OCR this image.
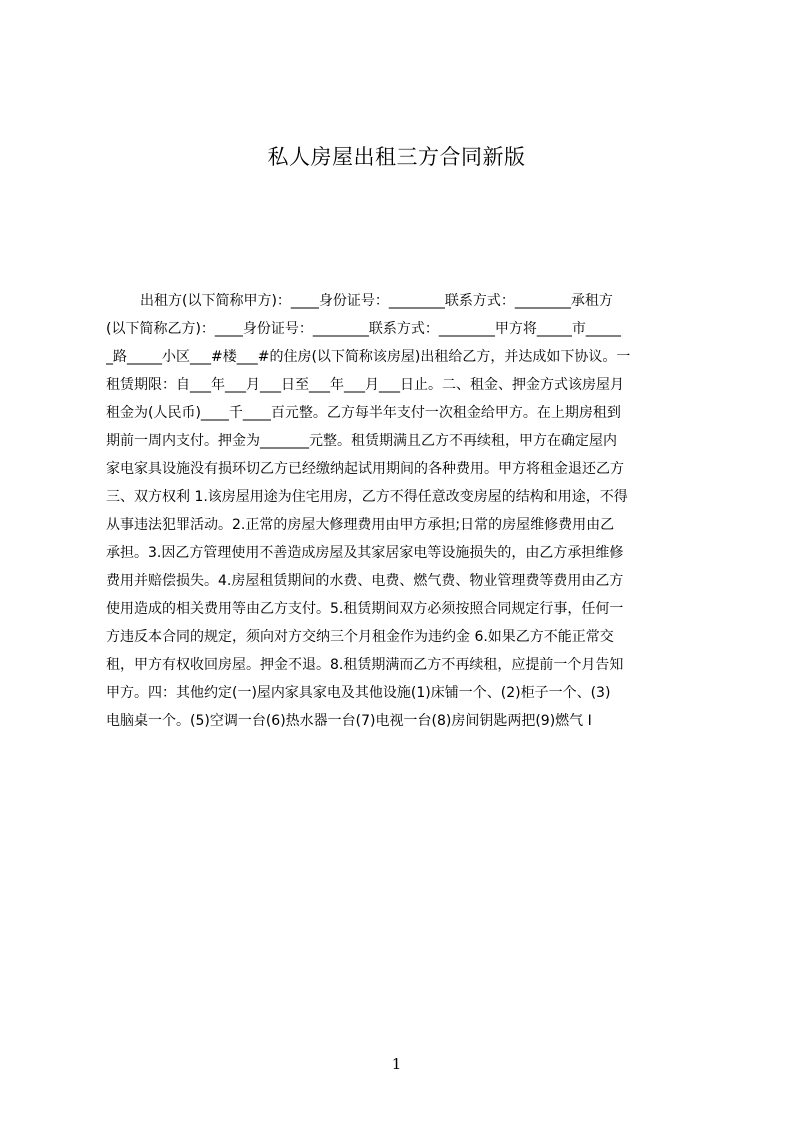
私人房屋出租三方合同新版
出租方(以下简称甲方)：____身份证号：________联系方式：________承租方
(以下简称乙方)：____身份证号：________联系方式：________甲方将_____市_____
_路_____小区___#楼___#的住房(以下简称该房屋)出租给乙方，并达成如下协议。一
租赁期限：自___年___月___日至___年___月___日止。二、租金、押金方式该房屋月
租金为(人民币)____千____百元整。乙方每半年支付一次租金给甲方。在上期房租到
期前一周内支付。押金为_______元整。租赁期满且乙方不再续租，甲方在确定屋内
家电家具设施没有损环切乙方已经缴纳起试用期间的各种费用。甲方将租金退还乙方
三、双方权利 1.该房屋用途为住宅用房，乙方不得任意改变房屋的结构和用途，不得
从事违法犯罪活动。2.正常的房屋大修理费用由甲方承担;日常的房屋维修费用由乙
承担。3.因乙方管理使用不善造成房屋及其家居家电等设施损失的，由乙方承担维修
费用并赔偿损失。4.房屋租赁期间的水费、电费、燃气费、物业管理费等费用由乙方
使用造成的相关费用等由乙方支付。5.租赁期间双方必须按照合同规定行事，任何一
方违反本合同的规定，须向对方交纳三个月租金作为违约金 6.如果乙方不能正常交
租，甲方有权收回房屋。押金不退。8.租赁期满而乙方不再续租，应提前一个月告知
甲方。四：其他约定(一)屋内家具家电及其他设施(1)床铺一个、(2)柜子一个、(3)
电脑桌一个。(5)空调一台(6)热水器一台(7)电视一台(8)房间钥匙两把(9)燃气 I
1
